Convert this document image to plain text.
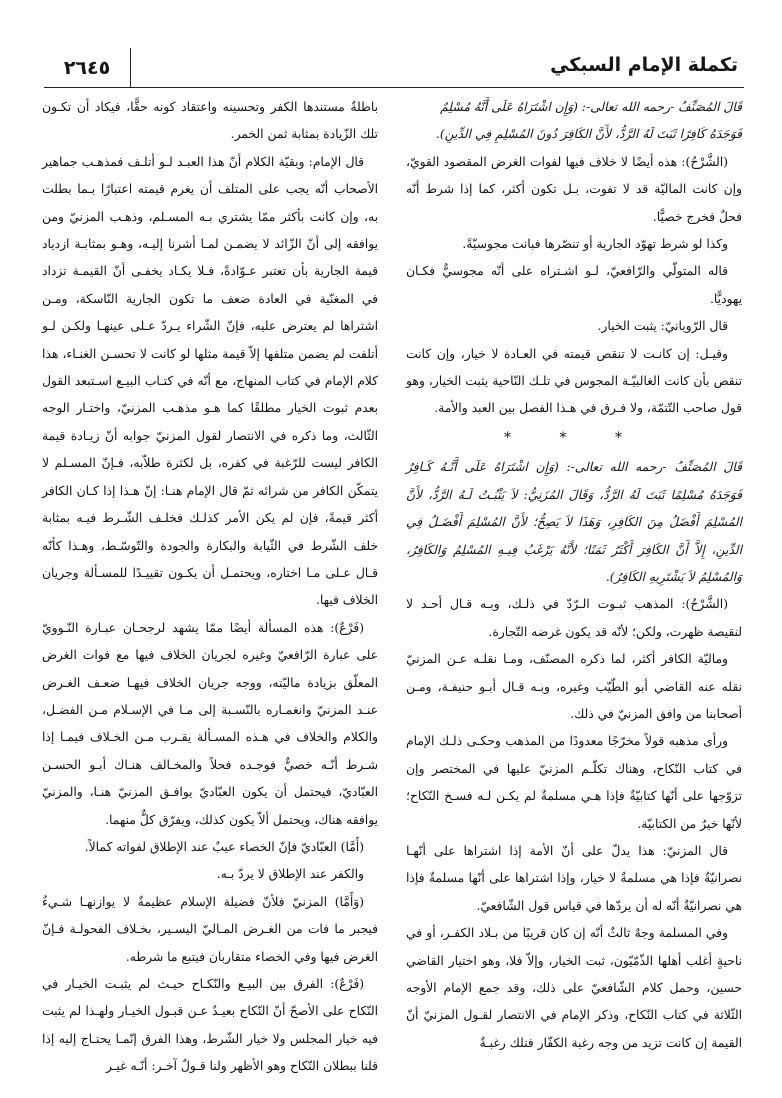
تكملة الإمام السبكي
٢٦٤٥

قَالَ المُصَنِّفُ -رحمه الله تعالى-: (وَإِن اشْتَرَاهُ عَلَى أَنَّهُ مُسْلِمٌ

فَوَجَدَهُ كَافِرًا ثَبَتَ لَهُ الرَّدُّ، لأَنَّ الكَافِرَ دُونَ المُسْلِمِ فِي الدِّينِ).

(الشَّرْحُ): هذه أيضًا لا خلاف فيها لفوات الغرض المقصود القويّ، وإن كانت الماليّة قد لا تفوت، بـل تكون أكثر، كما إذا شرط أنّه فحلٌ فخرج خصيًّا.

وكذا لو شرط تهوّد الجارية أو تنصّرها فبانت مجوسيّةً.

قاله المتولّي والرّافعيّ، لـو اشـتراه على أنّه مجوسيٌّ فكـان يهوديًّا.

قال الرّويانيّ: يثبت الخيار.

وقيـل: إن كانـت لا تنقص قيمته في العـادة لا خيار، وإن كانت تنقص بأن كانت الغالبيّـة المجوس في تلـك النّاحية يثبت الخيار، وهو قول صاحب التّتمّة، ولا فـرق في هـذا الفصل بين العبد والأمة.

* * *

قَالَ المُصَنِّفُ -رحمه الله تعالى-: (وَإِن اشْتَرَاهُ عَلَى أَنَّـهُ كَـافِرٌ فَوَجَدَهُ مُسْلِمًا ثَبَتَ لَهُ الرَّدُّ، وَقَالَ المُزَنِيُّ: لاَ يَثْبُـتُ لَـهُ الرَّدُّ، لأَنَّ المُسْلِمَ أَفْضَلُ مِنَ الكَافِرِ، وَهَذَا لاَ يَصِحُّ؛ لأَنَّ المُسْلِمَ أَفْضَـلُ فِي الدِّينِ، إِلاَّ أَنَّ الكَافِرَ أَكْثَرُ ثَمَنًا؛ لأَنَّهُ يَرْغَبُ فِيـهِ المُسْلِمُ وَالكَافِرُ، وَالمُسْلِمُ لاَ يَشْتَرِيهِ الكَافِرُ).

(الشَّرْحُ): المذهب ثبـوت الـرّدّ في ذلـك، وبـه قـال أحـد لا لنقيصة ظهرت، ولكن؛ لأنّه قد يكون غرضه التّجارة.

وماليّة الكافر أكثر، لما ذكره المصنّف، ومـا نقلـه عـن المزنيّ نقله عنه القاضي أبو الطّيّب وغيره، وبـه قـال أبـو حنيفـة، ومـن أصحابنا من وافق المزنيّ في ذلك.

ورأى مذهبه قولاً مخرّجًا معدودًا من المذهب وحكـى ذلـك الإمام في كتاب النّكاح، وهناك تكلّـم المزنيّ عليها في المختصر وإن تزوّجها على أنّها كتابيّةٌ فإذا هـي مسلمةٌ لم يكـن لـه فسـخ النّكاح؛ لأنّها خيرٌ من الكتابيّة.

قال المزنيّ: هذا يدلّ على أنّ الأمة إذا اشتراها على أنّهـا نصرانيّةٌ فإذا هي مسلمةٌ لا خيار، وإذا اشتراها على أنّها مسلمةٌ فإذا هي نصرانيّةٌ أنّه له أن يردّها في قياس قول الشّافعيّ.

وفي المسلمة وجهٌ ثالثٌ أنّه إن كان قريبًا من بـلاد الكفـر، أو في ناحيةٍ أغلب أهلها الذّمّيّون، ثبت الخيار، وإلاّ فلا، وهو اختيار القاضي حسين، وحمل كلام الشّافعيّ على ذلك، وقد جمع الإمام الأوجه الثّلاثة في كتاب النّكاح، وذكر الإمام في الانتصار لقـول المزنيّ أنّ القيمة إن كانت تزيد من وجه رغبة الكفّار فتلك رغبـةٌ

باطلةٌ مستندها الكفر وتحسينه واعتقاد كونه حقًّا، فيكاد أن تكـون تلك الزّيادة بمثابة ثمن الخمر.

قال الإمام: وبقيّة الكلام أنّ هذا العبـد لـو أتلـف فمذهـب جماهير الأصحاب أنّه يجب على المتلف أن يغرم قيمته اعتبارًا بـما بطلت به، وإن كانت بأكثر ممّا يشتري بـه المسـلم، وذهـب المزنيّ ومن يوافقه إلى أنّ الزّائد لا يضمـن لمـا أشرنا إليـه، وهـو بمثابـة ازدياد قيمة الجارية بأن تعتبر عـوّادةً، فـلا يكـاد يخفـى أنّ القيمـة تزداد في المغنّية في العادة ضعف ما تكون الجارية النّاسكة، ومـن اشتراها لم يعترض عليه، فإنّ الشّراء يـردّ عـلى عينهـا ولكـن لـو أتلفت لم يضمن متلفها إلاّ قيمة مثلها لو كانت لا تحسـن الغنـاء، هذا كلام الإمام في كتاب المنهاج، مع أنّه في كتـاب البيـع اسـتبعد القول بعدم ثبوت الخيار مطلقًا كما هـو مذهـب المزنيّ، واختـار الوجه الثّالث، وما ذكره في الانتصار لقول المزنيّ جوابه أنّ زيـادة قيمة الكافر ليست للرّغبة في كفره، بل لكثرة طلاّبه، فـإنّ المسـلم لا يتمكّن الكافر من شرائه ثمّ قال الإمام هنـا: إنّ هـذا إذا كـان الكافر أكثر قيمةً، فإن لم يكن الأمر كذلـك فخلـف الشّـرط فيـه بمثابة خلف الشّرط في الثّيابة والبكارة والجودة والتّوسّـط، وهـذا كأنّه قـال عـلى مـا اختاره، ويحتمـل أن يكـون تقييـدًا للمسـألة وجريان الخلاف فيها.

(فَرْعٌ): هذه المسألة أيضًا ممّا يشهد لرجحـان عبـارة النّـوويّ على عبارة الرّافعيّ وغيره لجريان الخلاف فيها مع فوات الغرض المعلّق بزيادة ماليّته، ووجه جريان الخلاف فيهـا ضعـف الغـرض عنـد المزنيّ وانغمـاره بالنّسـبة إلى مـا في الإسـلام مـن الفضـل، والكلام والخلاف في هـذه المسـألة يقـرب مـن الخـلاف فيمـا إذا شـرط أنّـه خصيٌّ فوجـده فحلاً والمخـالف هنـاك أبـو الحسـن العبّاديّ، فيحتمل أن يكون العبّاديّ يوافـق المزنيّ هنـا، والمزنيّ يوافقه هناك، ويحتمل ألاّ يكون كذلك، ويفرّق كلٌّ منهما.

(أَمَّا) العبّاديّ فإنّ الخصاء عيبٌ عند الإطلاق لفواته كمالاً.

والكفر عند الإطلاق لا يردّ بـه.

(وَأَمَّا) المزنيّ فلأنّ فضيلة الإسلام عظيمةٌ لا يوازنهـا شـيءٌ فيجبر ما فات من الغـرض المـاليّ اليسـير، بخـلاف الفحولـة فـإنّ الغرض فيها وفي الخصاء متقاربان فيتبع ما شرطه.

(فَرْعٌ): الفرق بين البيـع والنّكـاح حيـث لم يثبـت الخيـار في النّكاح على الأصحّ أنّ النّكاح بعيـدٌ عـن قبـول الخيـار ولهـذا لم يثبت فيه خيار المجلس ولا خيار الشّرط، وهذا الفرق إنّمـا يحتـاج إليه إذا قلنا ببطلان النّكاح وهو الأظهر ولنا قـولٌ آخـر: أنّـه غيـر
